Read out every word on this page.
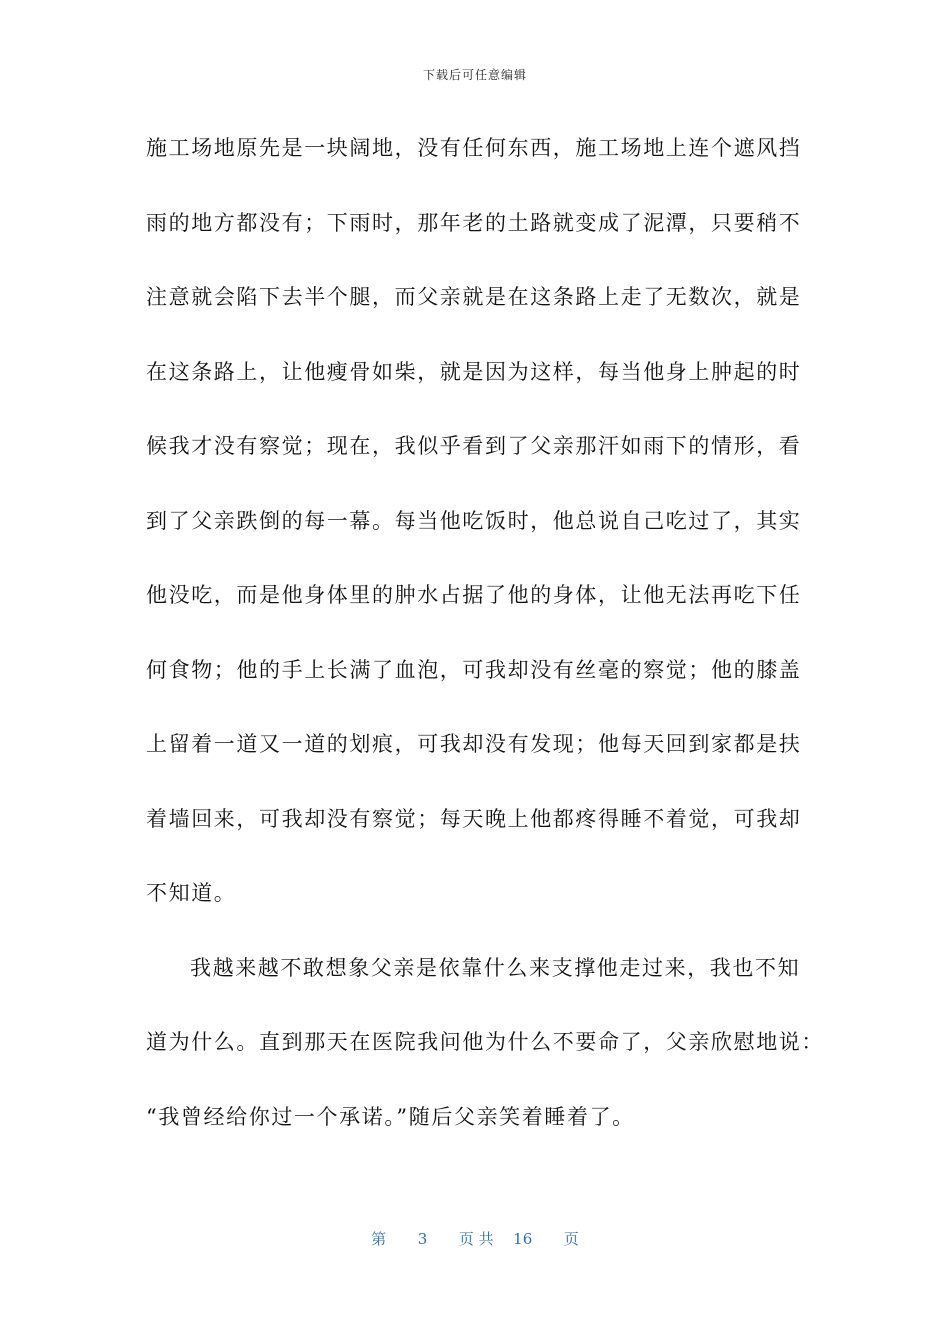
下载后可任意编辑
施工场地原先是一块阔地，没有任何东西，施工场地上连个遮风挡
雨的地方都没有；下雨时，那年老的土路就变成了泥潭，只要稍不
注意就会陷下去半个腿，而父亲就是在这条路上走了无数次，就是
在这条路上，让他瘦骨如柴，就是因为这样，每当他身上肿起的时
候我才没有察觉；现在，我似乎看到了父亲那汗如雨下的情形，看
到了父亲跌倒的每一幕。每当他吃饭时，他总说自己吃过了，其实
他没吃，而是他身体里的肿水占据了他的身体，让他无法再吃下任
何食物；他的手上长满了血泡，可我却没有丝毫的察觉；他的膝盖
上留着一道又一道的划痕，可我却没有发现；他每天回到家都是扶
着墙回来，可我却没有察觉；每天晚上他都疼得睡不着觉，可我却
不知道。
我越来越不敢想象父亲是依靠什么来支撑他走过来，我也不知
道为什么。直到那天在医院我问他为什么不要命了，父亲欣慰地说：
“我曾经给你过一个承诺。”随后父亲笑着睡着了。
第 3 页 共 16 页
